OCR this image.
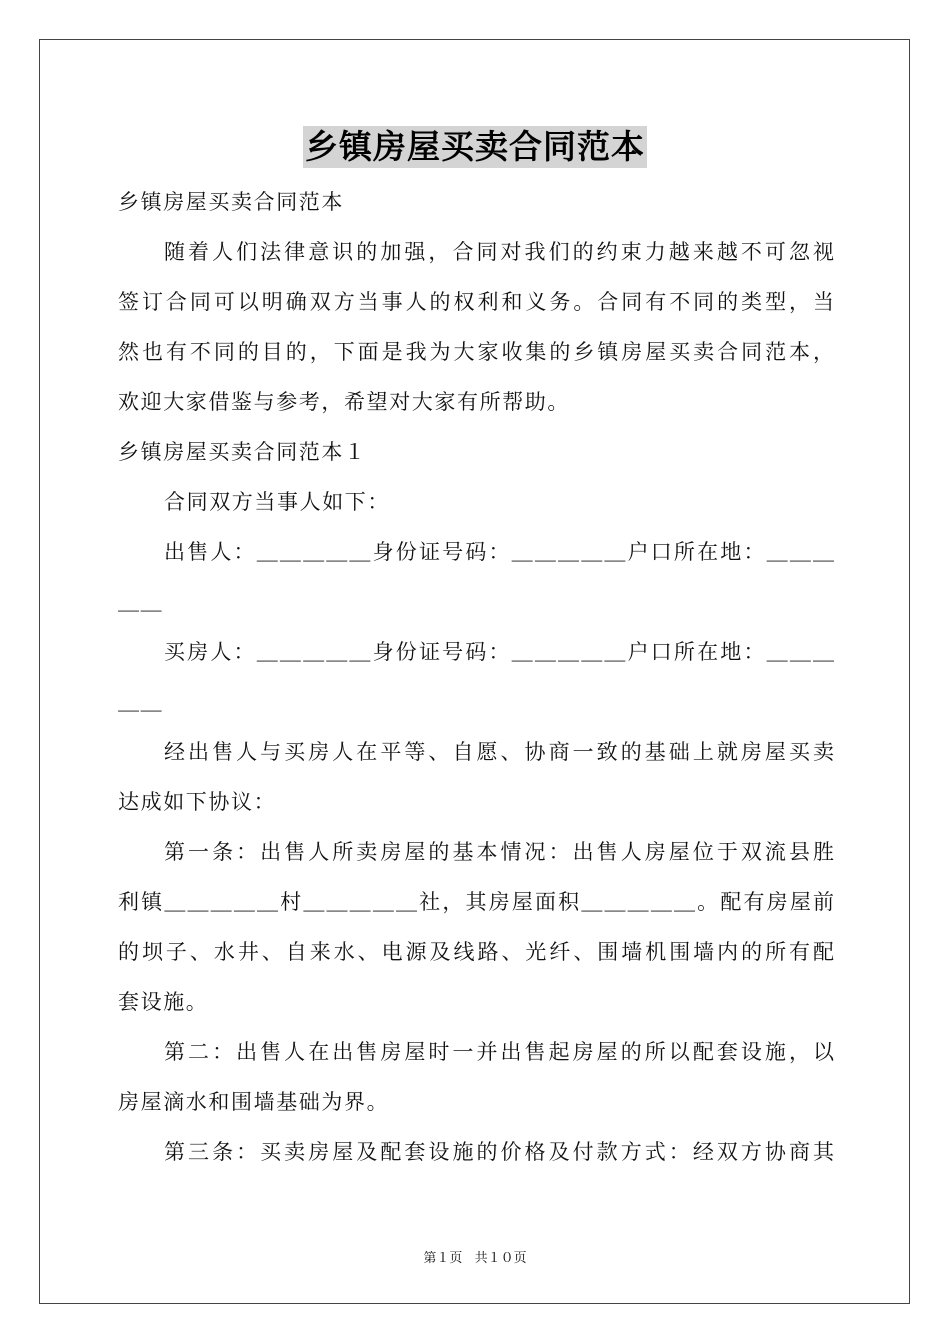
乡镇房屋买卖合同范本
乡镇房屋买卖合同范本
随着人们法律意识的加强，合同对我们的约束力越来越不可忽视
签订合同可以明确双方当事人的权利和义务。合同有不同的类型，当
然也有不同的目的，下面是我为大家收集的乡镇房屋买卖合同范本，
欢迎大家借鉴与参考，希望对大家有所帮助。
乡镇房屋买卖合同范本１
合同双方当事人如下：
出售人：＿＿＿＿＿身份证号码：＿＿＿＿＿户口所在地：＿＿＿
＿＿
买房人：＿＿＿＿＿身份证号码：＿＿＿＿＿户口所在地：＿＿＿
＿＿
经出售人与买房人在平等、自愿、协商一致的基础上就房屋买卖
达成如下协议：
第一条：出售人所卖房屋的基本情况：出售人房屋位于双流县胜
利镇＿＿＿＿＿村＿＿＿＿＿社，其房屋面积＿＿＿＿＿。配有房屋前
的坝子、水井、自来水、电源及线路、光纤、围墙机围墙内的所有配
套设施。
第二：出售人在出售房屋时一并出售起房屋的所以配套设施，以
房屋滴水和围墙基础为界。
第三条：买卖房屋及配套设施的价格及付款方式：经双方协商其
第１页 共１０页
